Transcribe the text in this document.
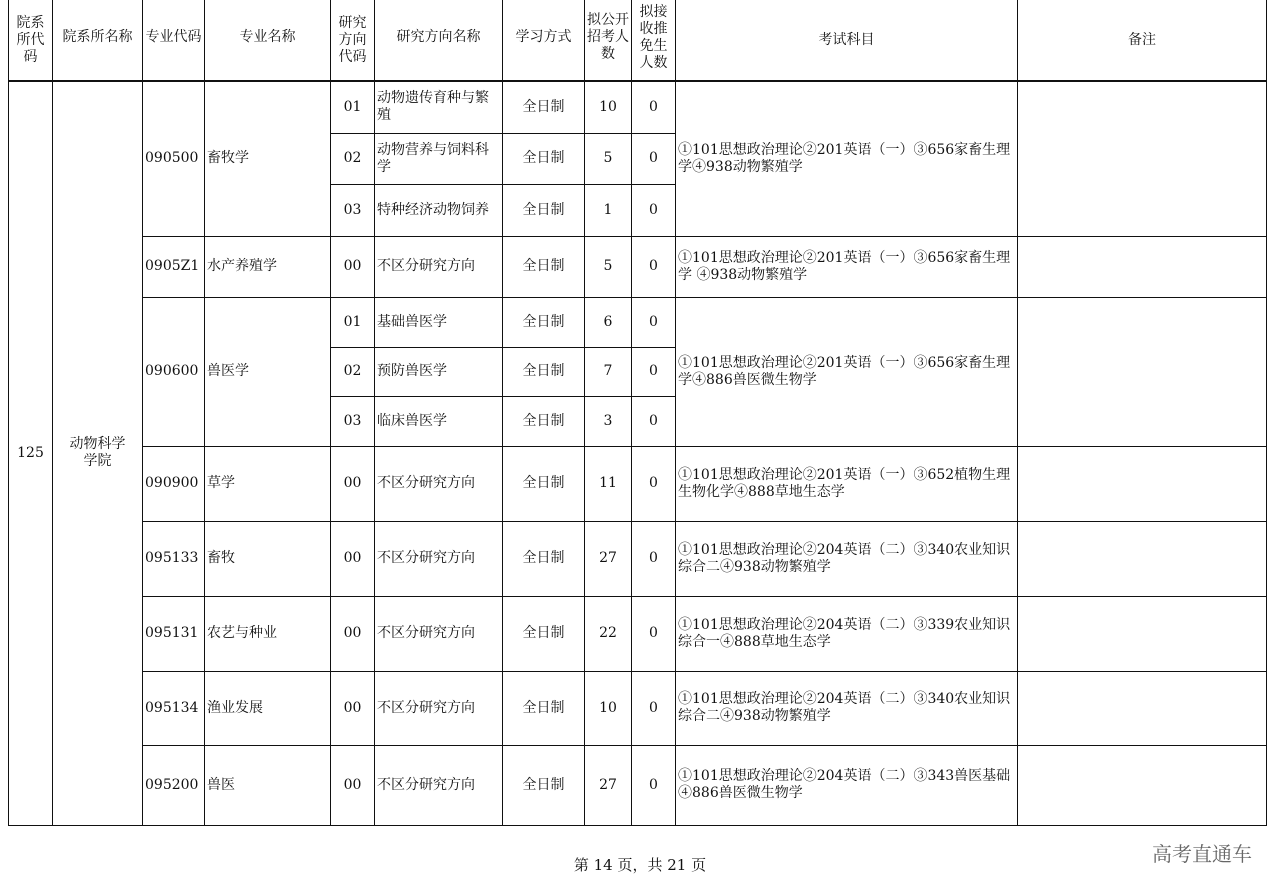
院系所代码	院系所名称	专业代码	专业名称	研究方向代码	研究方向名称	学习方式	拟公开招考人数	拟接收推免生人数	考试科目	备注
125	动物科学学院	090500	畜牧学	01	动物遗传育种与繁殖	全日制	10	0	①101思想政治理论②201英语（一）③656家畜生理学④938动物繁殖学	
				02	动物营养与饲料科学	全日制	5	0		
				03	特种经济动物饲养	全日制	1	0		
		0905Z1	水产养殖学	00	不区分研究方向	全日制	5	0	①101思想政治理论②201英语（一）③656家畜生理学 ④938动物繁殖学	
		090600	兽医学	01	基础兽医学	全日制	6	0	①101思想政治理论②201英语（一）③656家畜生理学④886兽医微生物学	
				02	预防兽医学	全日制	7	0		
				03	临床兽医学	全日制	3	0		
		090900	草学	00	不区分研究方向	全日制	11	0	①101思想政治理论②201英语（一）③652植物生理生物化学④888草地生态学	
		095133	畜牧	00	不区分研究方向	全日制	27	0	①101思想政治理论②204英语（二）③340农业知识综合二④938动物繁殖学	
		095131	农艺与种业	00	不区分研究方向	全日制	22	0	①101思想政治理论②204英语（二）③339农业知识综合一④888草地生态学	
		095134	渔业发展	00	不区分研究方向	全日制	10	0	①101思想政治理论②204英语（二）③340农业知识综合二④938动物繁殖学	
		095200	兽医	00	不区分研究方向	全日制	27	0	①101思想政治理论②204英语（二）③343兽医基础④886兽医微生物学	
第 14 页，共 21 页	高考直通车
